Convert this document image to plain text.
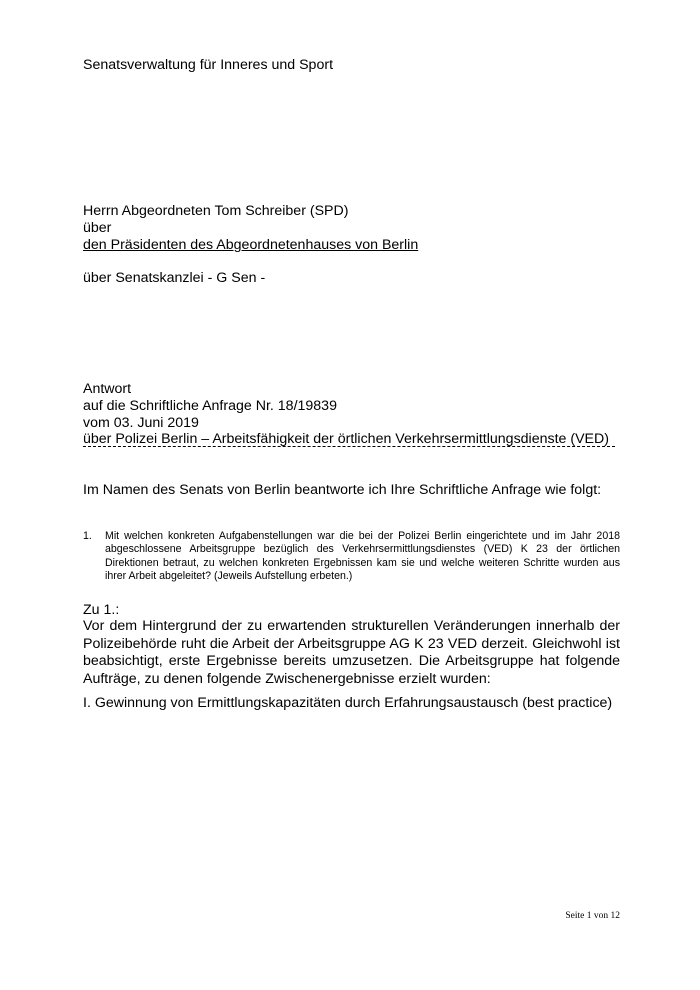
Senatsverwaltung für Inneres und Sport

Herrn Abgeordneten Tom Schreiber (SPD)

über

den Präsidenten des Abgeordnetenhauses von Berlin

über Senatskanzlei - G Sen -

Antwort

auf die Schriftliche Anfrage Nr. 18/19839

vom 03. Juni 2019

über Polizei Berlin – Arbeitsfähigkeit der örtlichen Verkehrsermittlungsdienste (VED)

Im Namen des Senats von Berlin beantworte ich Ihre Schriftliche Anfrage wie folgt:

1. Mit welchen konkreten Aufgabenstellungen war die bei der Polizei Berlin eingerichtete und im Jahr 2018 abgeschlossene Arbeitsgruppe bezüglich des Verkehrsermittlungsdienstes (VED) K 23 der örtlichen Direktionen betraut, zu welchen konkreten Ergebnissen kam sie und welche weiteren Schritte wurden aus ihrer Arbeit abgeleitet? (Jeweils Aufstellung erbeten.)

Zu 1.:

Vor dem Hintergrund der zu erwartenden strukturellen Veränderungen innerhalb der Polizeibehörde ruht die Arbeit der Arbeitsgruppe AG K 23 VED derzeit. Gleichwohl ist beabsichtigt, erste Ergebnisse bereits umzusetzen. Die Arbeitsgruppe hat folgende Aufträge, zu denen folgende Zwischenergebnisse erzielt wurden:

I. Gewinnung von Ermittlungskapazitäten durch Erfahrungsaustausch (best practice)

Seite 1 von 12
